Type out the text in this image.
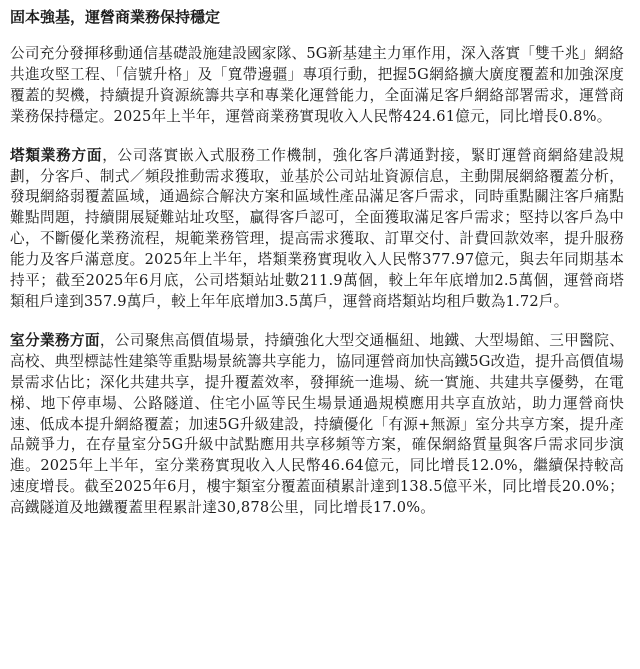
固本強基，運營商業務保持穩定

公司充分發揮移動通信基礎設施建設國家隊、5G新基建主力軍作用，深入落實「雙千兆」網絡共進攻堅工程、「信號升格」及「寬帶邊疆」專項行動，把握5G網絡擴大廣度覆蓋和加強深度覆蓋的契機，持續提升資源統籌共享和專業化運營能力，全面滿足客戶網絡部署需求，運營商業務保持穩定。2025年上半年，運營商業務實現收入人民幣424.61億元，同比增長0.8%。

塔類業務方面，公司落實嵌入式服務工作機制，強化客戶溝通對接，緊盯運營商網絡建設規劃，分客戶、制式／頻段推動需求獲取，並基於公司站址資源信息，主動開展網絡覆蓋分析，發現網絡弱覆蓋區域，通過綜合解決方案和區域性產品滿足客戶需求，同時重點關注客戶痛點難點問題，持續開展疑難站址攻堅，贏得客戶認可，全面獲取滿足客戶需求；堅持以客戶為中心，不斷優化業務流程，規範業務管理，提高需求獲取、訂單交付、計費回款效率，提升服務能力及客戶滿意度。2025年上半年，塔類業務實現收入人民幣377.97億元，與去年同期基本持平；截至2025年6月底，公司塔類站址數211.9萬個，較上年年底增加2.5萬個，運營商塔類租戶達到357.9萬戶，較上年年底增加3.5萬戶，運營商塔類站均租戶數為1.72戶。

室分業務方面，公司聚焦高價值場景，持續強化大型交通樞紐、地鐵、大型場館、三甲醫院、高校、典型標誌性建築等重點場景統籌共享能力，協同運營商加快高鐵5G改造，提升高價值場景需求佔比；深化共建共享，提升覆蓋效率，發揮統一進場、統一實施、共建共享優勢，在電梯、地下停車場、公路隧道、住宅小區等民生場景通過規模應用共享直放站，助力運營商快速、低成本提升網絡覆蓋；加速5G升級建設，持續優化「有源+無源」室分共享方案，提升產品競爭力，在存量室分5G升級中試點應用共享移頻等方案，確保網絡質量與客戶需求同步演進。2025年上半年，室分業務實現收入人民幣46.64億元，同比增長12.0%，繼續保持較高速度增長。截至2025年6月，樓宇類室分覆蓋面積累計達到138.5億平米，同比增長20.0%；高鐵隧道及地鐵覆蓋里程累計達30,878公里，同比增長17.0%。
